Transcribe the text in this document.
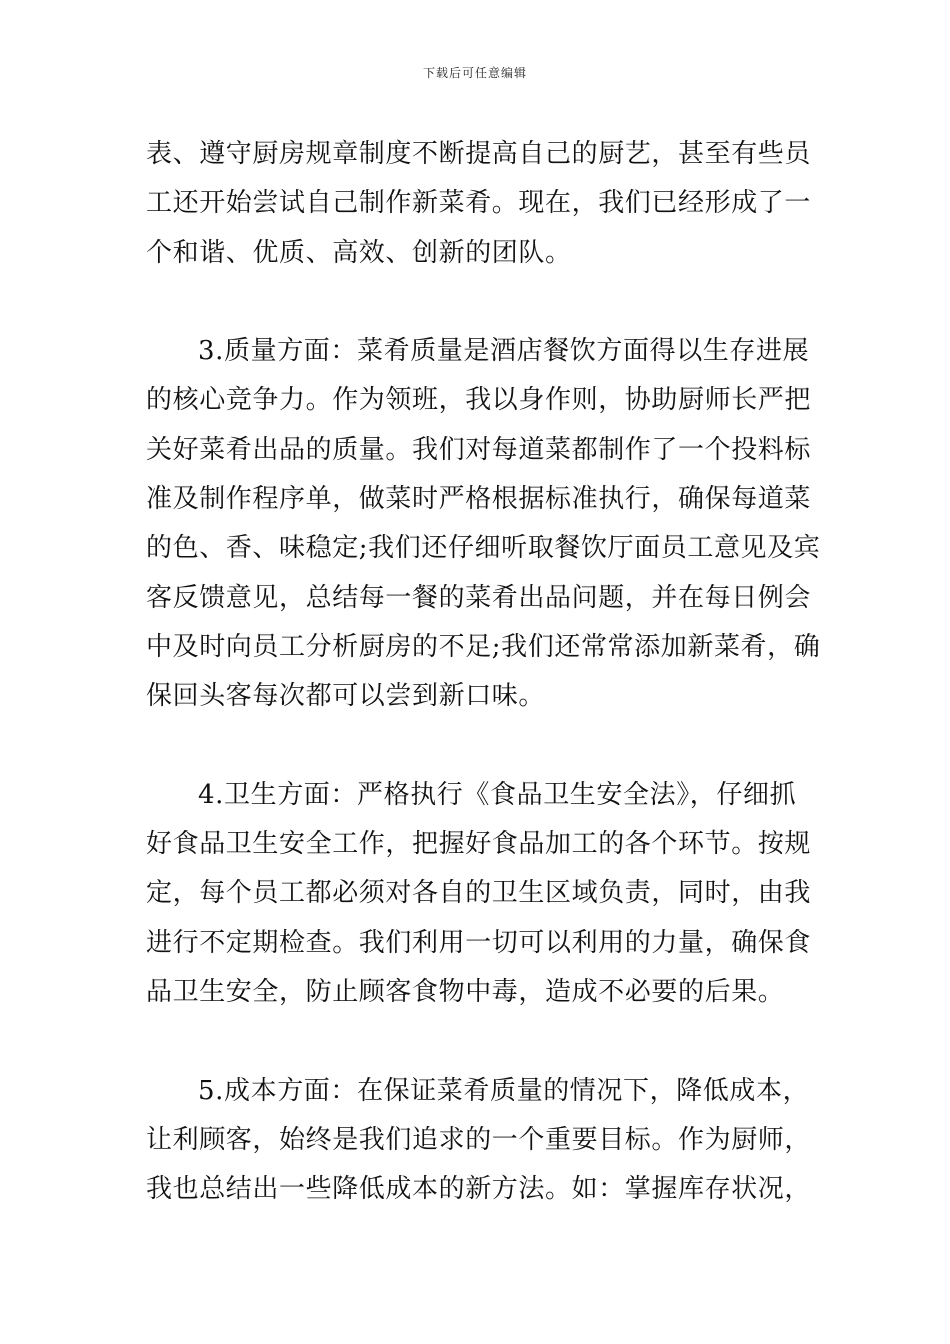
下载后可任意编辑
表、遵守厨房规章制度不断提高自己的厨艺，甚至有些员
工还开始尝试自己制作新菜肴。现在，我们已经形成了一
个和谐、优质、高效、创新的团队。
3.质量方面：菜肴质量是酒店餐饮方面得以生存进展
的核心竞争力。作为领班，我以身作则，协助厨师长严把
关好菜肴出品的质量。我们对每道菜都制作了一个投料标
准及制作程序单，做菜时严格根据标准执行，确保每道菜
的色、香、味稳定;我们还仔细听取餐饮厅面员工意见及宾
客反馈意见，总结每一餐的菜肴出品问题，并在每日例会
中及时向员工分析厨房的不足;我们还常常添加新菜肴，确
保回头客每次都可以尝到新口味。
4.卫生方面：严格执行《食品卫生安全法》，仔细抓
好食品卫生安全工作，把握好食品加工的各个环节。按规
定，每个员工都必须对各自的卫生区域负责，同时，由我
进行不定期检查。我们利用一切可以利用的力量，确保食
品卫生安全，防止顾客食物中毒，造成不必要的后果。
5.成本方面：在保证菜肴质量的情况下，降低成本，
让利顾客，始终是我们追求的一个重要目标。作为厨师，
我也总结出一些降低成本的新方法。如：掌握库存状况，
